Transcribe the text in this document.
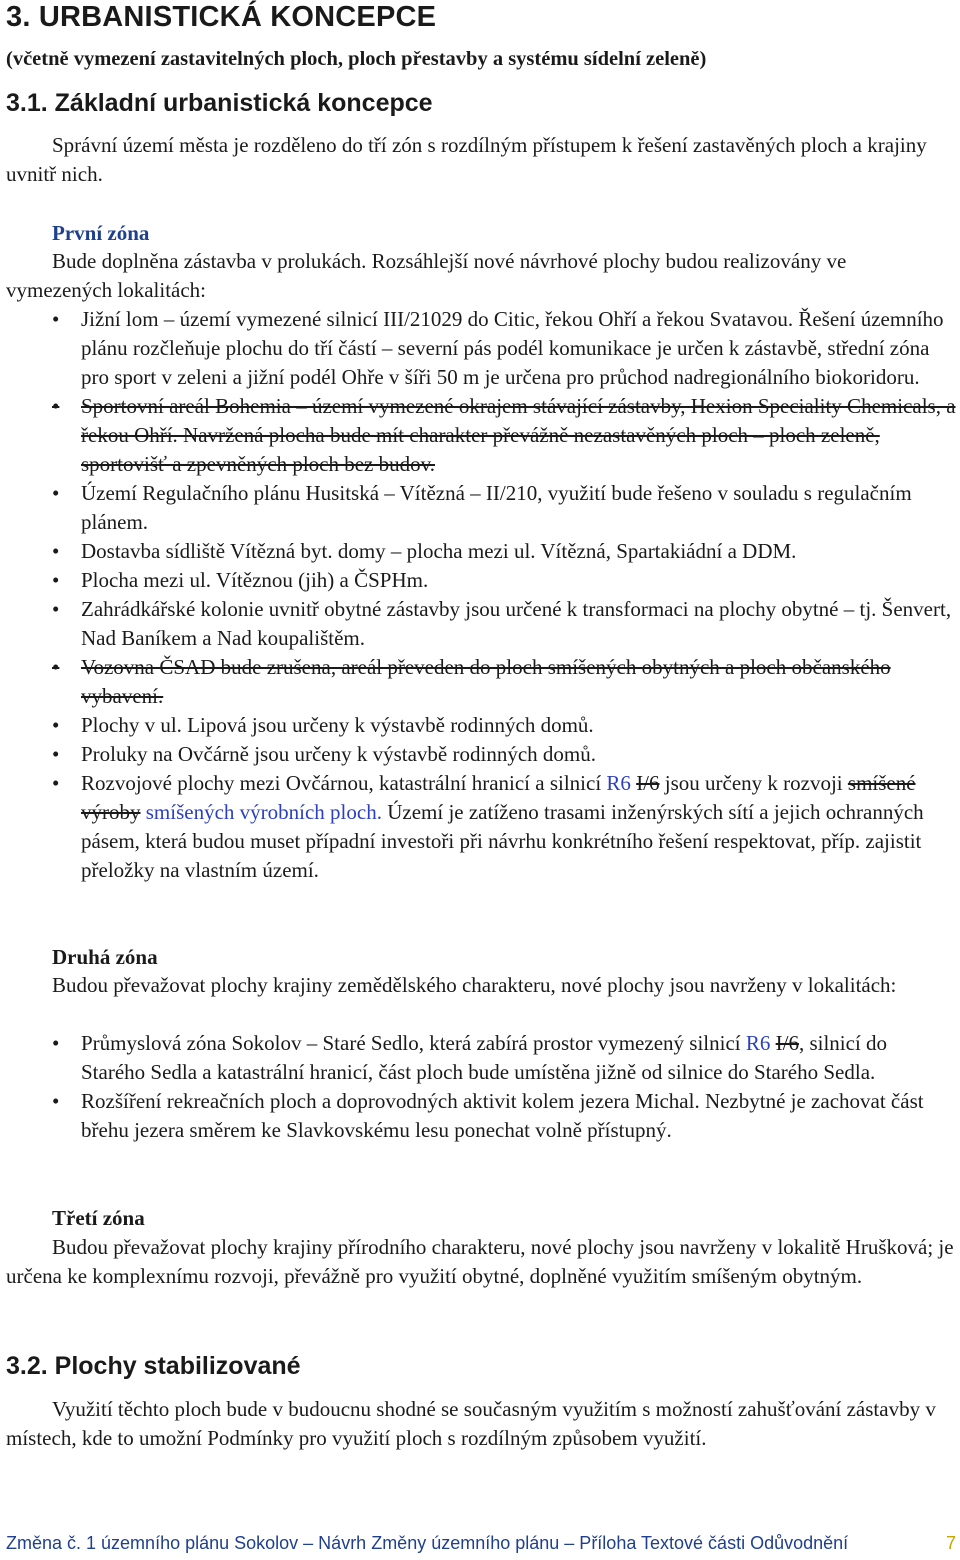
3. URBANISTICKÁ KONCEPCE

(včetně vymezení zastavitelných ploch, ploch přestavby a systému sídelní zeleně)

3.1. Základní urbanistická koncepce

Správní území města je rozděleno do tří zón s rozdílným přístupem k řešení zastavěných ploch a krajiny uvnitř nich.

První zóna

Bude doplněna zástavba v prolukách. Rozsáhlejší nové návrhové plochy budou realizovány ve vymezených lokalitách:

• Jižní lom – území vymezené silnicí III/21029 do Citic, řekou Ohří a řekou Svatavou. Řešení územního plánu rozčleňuje plochu do tří částí – severní pás podél komunikace je určen k zástavbě, střední zóna pro sport v zeleni a jižní podél Ohře v šíři 50 m je určena pro průchod nadregionálního biokoridoru.
• Sportovní areál Bohemia – území vymezené okrajem stávající zástavby, Hexion Speciality Chemicals, a řekou Ohří. Navržená plocha bude mít charakter převážně nezastavěných ploch – ploch zeleně, sportovišť a zpevněných ploch bez budov.
• Území Regulačního plánu Husitská – Vítězná – II/210, využití bude řešeno v souladu s regulačním plánem.
• Dostavba sídliště Vítězná byt. domy – plocha mezi ul. Vítězná, Spartakiádní a DDM.
• Plocha mezi ul. Vítěznou (jih) a ČSPHm.
• Zahrádkářské kolonie uvnitř obytné zástavby jsou určené k transformaci na plochy obytné – tj. Šenvert, Nad Baníkem a Nad koupalištěm.
• Vozovna ČSAD bude zrušena, areál převeden do ploch smíšených obytných a ploch občanského vybavení.
• Plochy v ul. Lipová jsou určeny k výstavbě rodinných domů.
• Proluky na Ovčárně jsou určeny k výstavbě rodinných domů.
• Rozvojové plochy mezi Ovčárnou, katastrální hranicí a silnicí R6 I/6 jsou určeny k rozvoji smíšené výroby smíšených výrobních ploch. Území je zatíženo trasami inženýrských sítí a jejich ochranných pásem, která budou muset případní investoři při návrhu konkrétního řešení respektovat, příp. zajistit přeložky na vlastním území.

Druhá zóna

Budou převažovat plochy krajiny zemědělského charakteru, nové plochy jsou navrženy v lokalitách:

• Průmyslová zóna Sokolov – Staré Sedlo, která zabírá prostor vymezený silnicí R6 I/6, silnicí do Starého Sedla a katastrální hranicí, část ploch bude umístěna jižně od silnice do Starého Sedla.
• Rozšíření rekreačních ploch a doprovodných aktivit kolem jezera Michal. Nezbytné je zachovat část břehu jezera směrem ke Slavkovskému lesu ponechat volně přístupný.

Třetí zóna

Budou převažovat plochy krajiny přírodního charakteru, nové plochy jsou navrženy v lokalitě Hrušková; je určena ke komplexnímu rozvoji, převážně pro využití obytné, doplněné využitím smíšeným obytným.

3.2. Plochy stabilizované

Využití těchto ploch bude v budoucnu shodné se současným využitím s možností zahušťování zástavby v místech, kde to umožní Podmínky pro využití ploch s rozdílným způsobem využití.

Změna č. 1 územního plánu Sokolov – Návrh Změny územního plánu – Příloha Textové části Odůvodnění	7
